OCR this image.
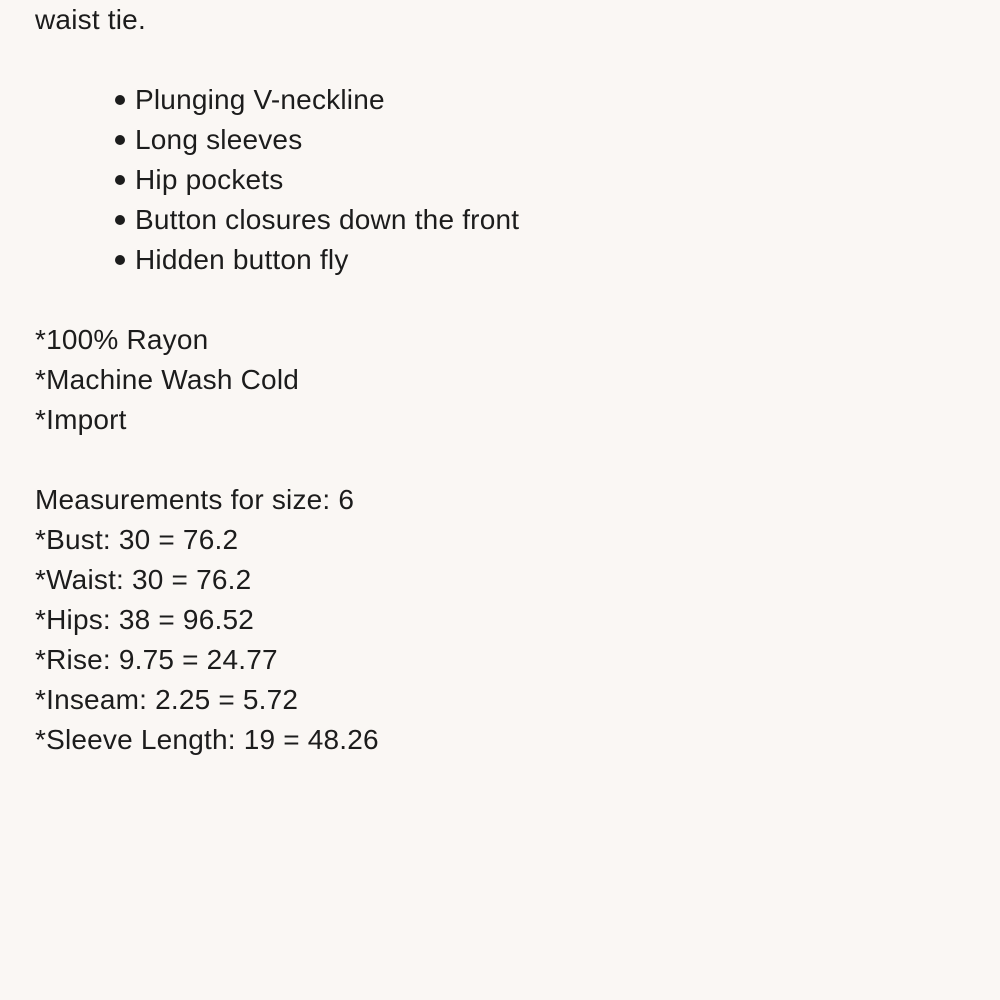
waist tie.
Plunging V-neckline
Long sleeves
Hip pockets
Button closures down the front
Hidden button fly
*100% Rayon
*Machine Wash Cold
*Import
Measurements for size: 6
*Bust: 30 = 76.2
*Waist: 30 = 76.2
*Hips: 38 = 96.52
*Rise: 9.75 = 24.77
*Inseam: 2.25 = 5.72
*Sleeve Length: 19 = 48.26
